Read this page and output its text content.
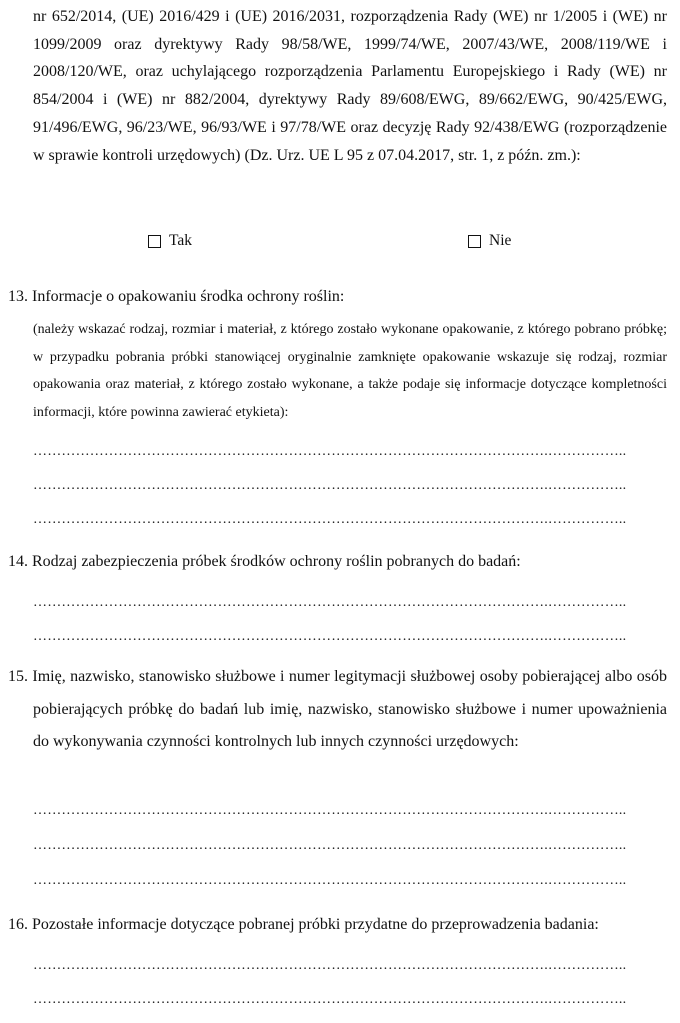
nr 652/2014, (UE) 2016/429 i (UE) 2016/2031, rozporządzenia Rady (WE) nr 1/2005 i (WE) nr 1099/2009 oraz dyrektywy Rady 98/58/WE, 1999/74/WE, 2007/43/WE, 2008/119/WE i 2008/120/WE, oraz uchylającego rozporządzenia Parlamentu Europejskiego i Rady (WE) nr 854/2004 i (WE) nr 882/2004, dyrektywy Rady 89/608/EWG, 89/662/EWG, 90/425/EWG, 91/496/EWG, 96/23/WE, 96/93/WE i 97/78/WE oraz decyzję Rady 92/438/EWG (rozporządzenie w sprawie kontroli urzędowych) (Dz. Urz. UE L 95 z 07.04.2017, str. 1, z późn. zm.):

Tak	Nie

13. Informacje o opakowaniu środka ochrony roślin:

(należy wskazać rodzaj, rozmiar i materiał, z którego zostało wykonane opakowanie, z którego pobrano próbkę; w przypadku pobrania próbki stanowiącej oryginalnie zamknięte opakowanie wskazuje się rodzaj, rozmiar opakowania oraz materiał, z którego zostało wykonane, a także podaje się informacje dotyczące kompletności informacji, które powinna zawierać etykieta):

……………………………………………………………………………………………….……………..
……………………………………………………………………………………………….……………..
……………………………………………………………………………………………….……………..

14. Rodzaj zabezpieczenia próbek środków ochrony roślin pobranych do badań:

……………………………………………………………………………………………….……………..
……………………………………………………………………………………………….……………..

15. Imię, nazwisko, stanowisko służbowe i numer legitymacji służbowej osoby pobierającej albo osób pobierających próbkę do badań lub imię, nazwisko, stanowisko służbowe i numer upoważnienia do wykonywania czynności kontrolnych lub innych czynności urzędowych:

……………………………………………………………………………………………….……………..
……………………………………………………………………………………………….……………..
……………………………………………………………………………………………….……………..

16. Pozostałe informacje dotyczące pobranej próbki przydatne do przeprowadzenia badania:

……………………………………………………………………………………………….……………..
……………………………………………………………………………………………….……………..
